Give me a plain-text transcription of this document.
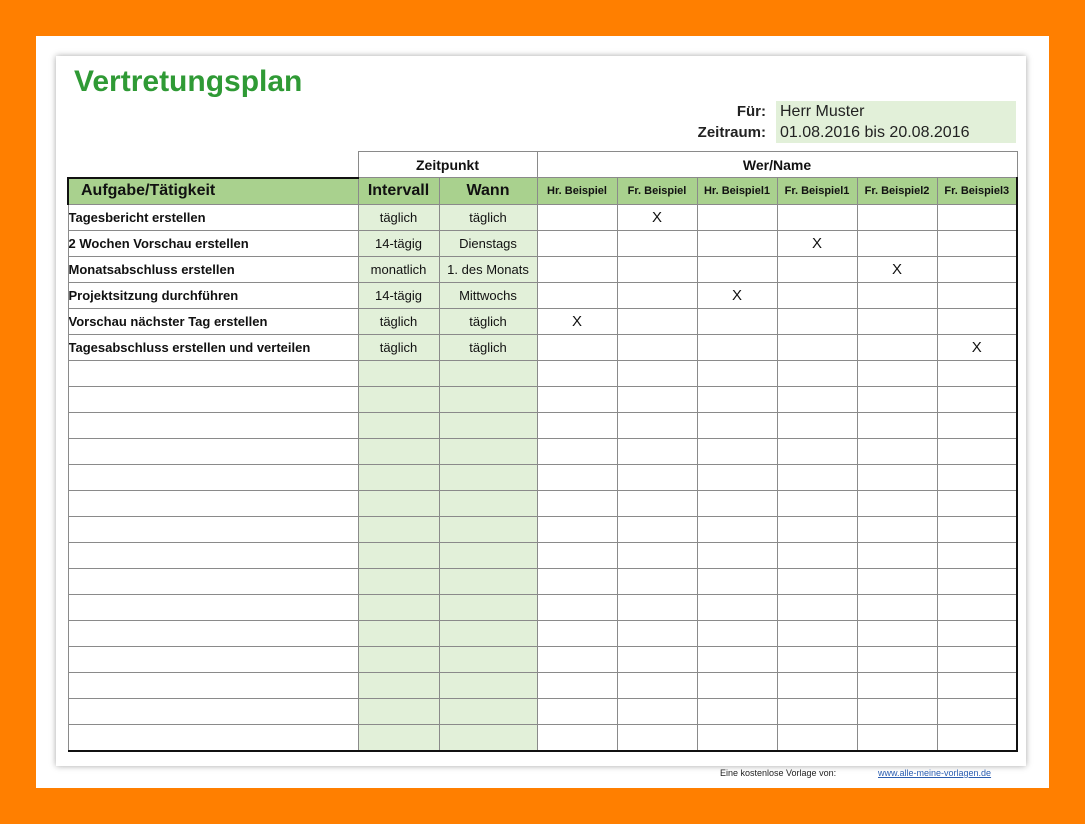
Vertretungsplan
Für: Herr Muster
Zeitraum: 01.08.2016 bis 20.08.2016
	Zeitpunkt		Wer/Name					
Aufgabe/Tätigkeit	Intervall	Wann	Hr. Beispiel	Fr. Beispiel	Hr. Beispiel1	Fr. Beispiel1	Fr. Beispiel2	Fr. Beispiel3
Tagesbericht erstellen	täglich	täglich		X				
2 Wochen Vorschau erstellen	14-tägig	Dienstags				X		
Monatsabschluss erstellen	monatlich	1. des Monats					X	
Projektsitzung durchführen	14-tägig	Mittwochs			X			
Vorschau nächster Tag erstellen	täglich	täglich	X					
Tagesabschluss erstellen und verteilen	täglich	täglich						X

Eine kostenlose Vorlage von:	www.alle-meine-vorlagen.de
